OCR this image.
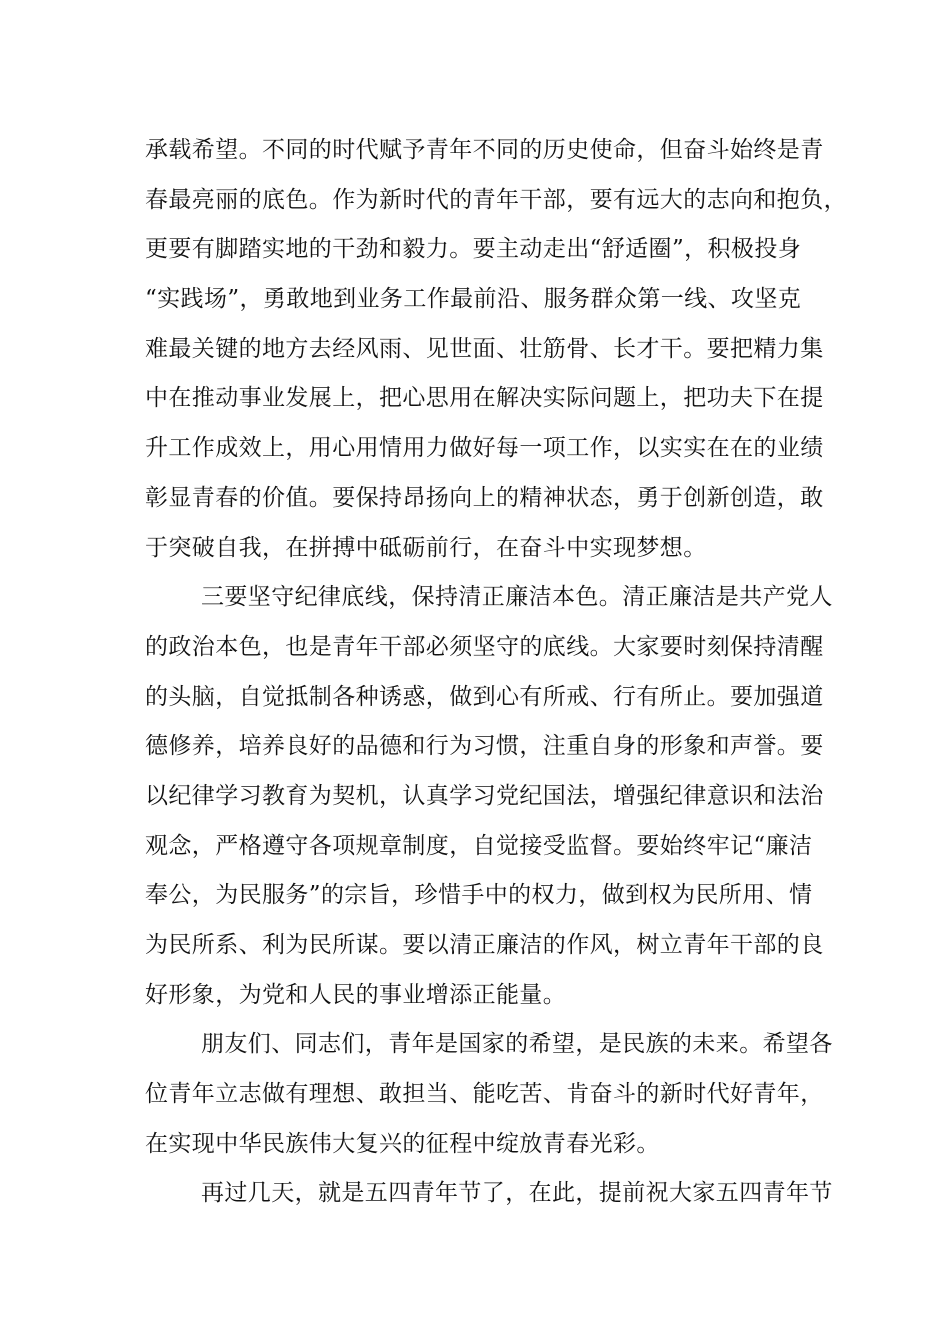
承载希望。不同的时代赋予青年不同的历史使命，但奋斗始终是青
春最亮丽的底色。作为新时代的青年干部，要有远大的志向和抱负，
更要有脚踏实地的干劲和毅力。要主动走出“舒适圈”，积极投身
“实践场”，勇敢地到业务工作最前沿、服务群众第一线、攻坚克
难最关键的地方去经风雨、见世面、壮筋骨、长才干。要把精力集
中在推动事业发展上，把心思用在解决实际问题上，把功夫下在提
升工作成效上，用心用情用力做好每一项工作，以实实在在的业绩
彰显青春的价值。要保持昂扬向上的精神状态，勇于创新创造，敢
于突破自我，在拼搏中砥砺前行，在奋斗中实现梦想。
三要坚守纪律底线，保持清正廉洁本色。清正廉洁是共产党人
的政治本色，也是青年干部必须坚守的底线。大家要时刻保持清醒
的头脑，自觉抵制各种诱惑，做到心有所戒、行有所止。要加强道
德修养，培养良好的品德和行为习惯，注重自身的形象和声誉。要
以纪律学习教育为契机，认真学习党纪国法，增强纪律意识和法治
观念，严格遵守各项规章制度，自觉接受监督。要始终牢记“廉洁
奉公，为民服务”的宗旨，珍惜手中的权力，做到权为民所用、情
为民所系、利为民所谋。要以清正廉洁的作风，树立青年干部的良
好形象，为党和人民的事业增添正能量。
朋友们、同志们，青年是国家的希望，是民族的未来。希望各
位青年立志做有理想、敢担当、能吃苦、肯奋斗的新时代好青年，
在实现中华民族伟大复兴的征程中绽放青春光彩。
再过几天，就是五四青年节了，在此，提前祝大家五四青年节
